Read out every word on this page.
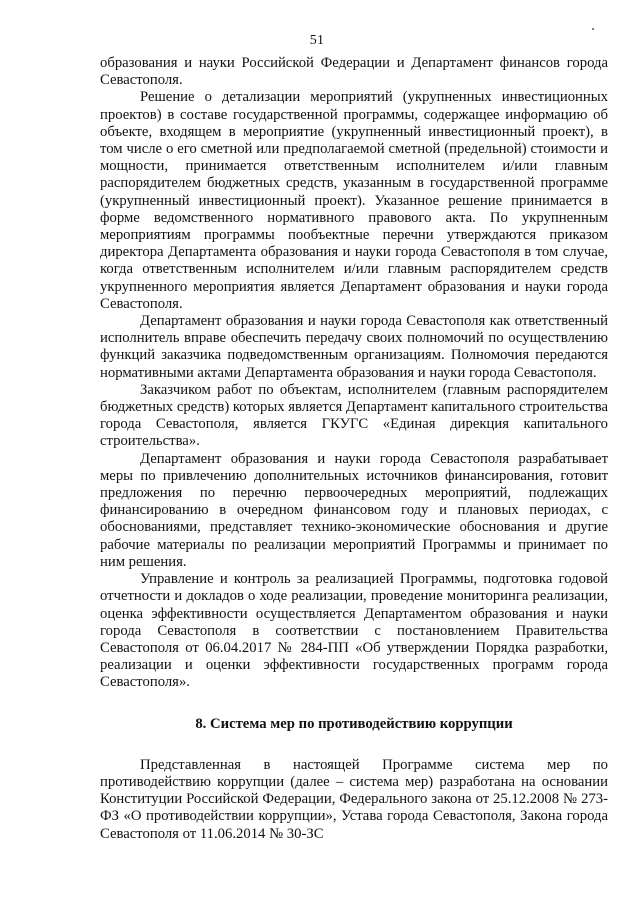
51

образования и науки Российской Федерации и Департамент финансов города Севастополя.

Решение о детализации мероприятий (укрупненных инвестиционных проектов) в составе государственной программы, содержащее информацию об объекте, входящем в мероприятие (укрупненный инвестиционный проект), в том числе о его сметной или предполагаемой сметной (предельной) стоимости и мощности, принимается ответственным исполнителем и/или главным распорядителем бюджетных средств, указанным в государственной программе (укрупненный инвестиционный проект). Указанное решение принимается в форме ведомственного нормативного правового акта. По укрупненным мероприятиям программы пообъектные перечни утверждаются приказом директора Департамента образования и науки города Севастополя в том случае, когда ответственным исполнителем и/или главным распорядителем средств укрупненного мероприятия является Департамент образования и науки города Севастополя.

Департамент образования и науки города Севастополя как ответственный исполнитель вправе обеспечить передачу своих полномочий по осуществлению функций заказчика подведомственным организациям. Полномочия передаются нормативными актами Департамента образования и науки города Севастополя.

Заказчиком работ по объектам, исполнителем (главным распорядителем бюджетных средств) которых является Департамент капитального строительства города Севастополя, является ГКУГС «Единая дирекция капитального строительства».

Департамент образования и науки города Севастополя разрабатывает меры по привлечению дополнительных источников финансирования, готовит предложения по перечню первоочередных мероприятий, подлежащих финансированию в очередном финансовом году и плановых периодах, с обоснованиями, представляет технико-экономические обоснования и другие рабочие материалы по реализации мероприятий Программы и принимает по ним решения.

Управление и контроль за реализацией Программы, подготовка годовой отчетности и докладов о ходе реализации, проведение мониторинга реализации, оценка эффективности осуществляется Департаментом образования и науки города Севастополя в соответствии с постановлением Правительства Севастополя от 06.04.2017 № 284-ПП «Об утверждении Порядка разработки, реализации и оценки эффективности государственных программ города Севастополя».

8. Система мер по противодействию коррупции

Представленная в настоящей Программе система мер по противодействию коррупции (далее – система мер) разработана на основании Конституции Российской Федерации, Федерального закона от 25.12.2008 № 273-ФЗ «О противодействии коррупции», Устава города Севастополя, Закона города Севастополя от 11.06.2014 № 30-ЗС
